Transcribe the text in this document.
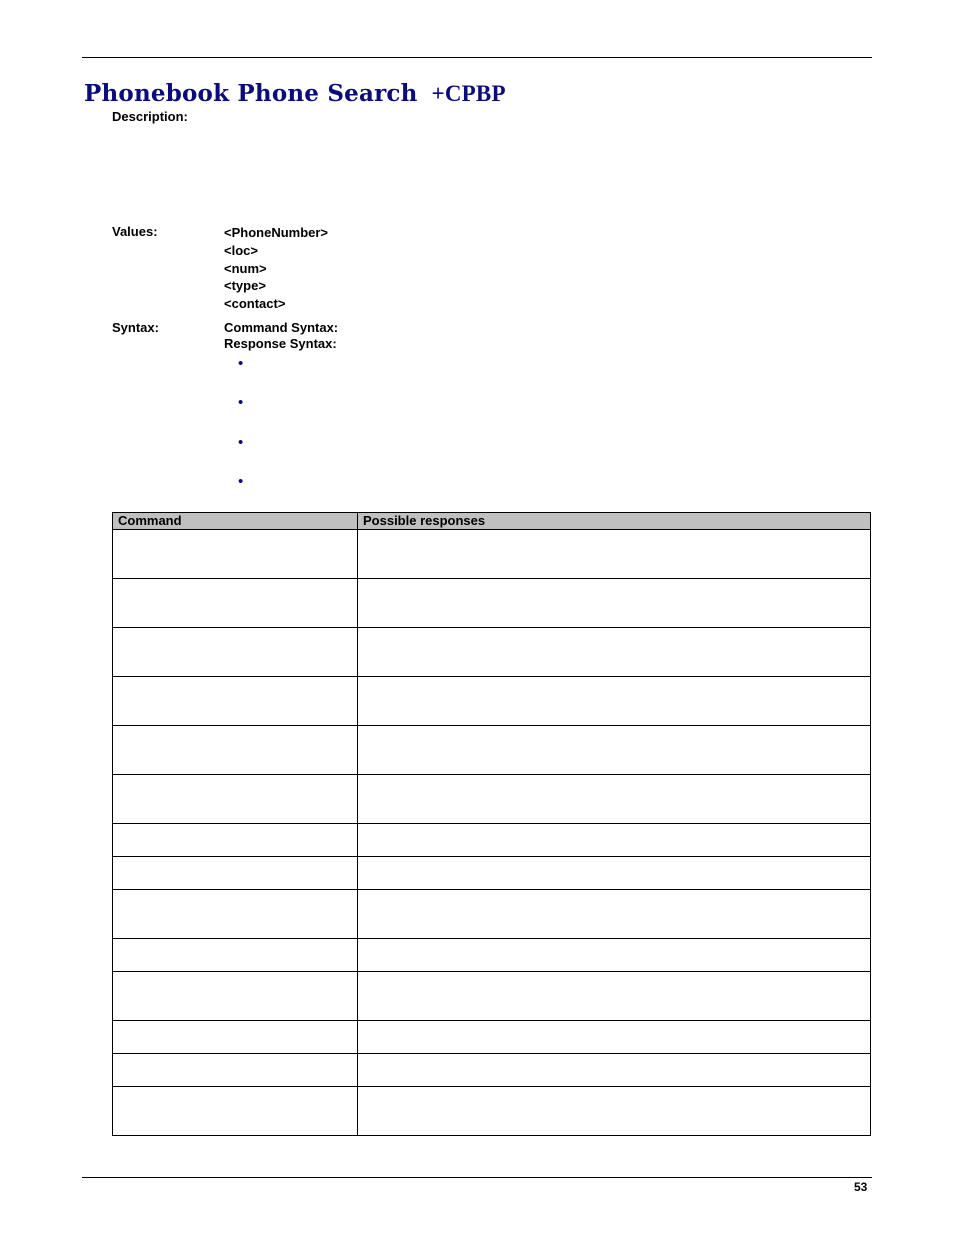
Phonebook Phone Search +CPBP
Description:
Values:	<PhoneNumber>
<loc>
<num>
<type>
<contact>
Syntax:	Command Syntax:
Response Syntax:
•
•
•
•
Command	Possible responses

53
